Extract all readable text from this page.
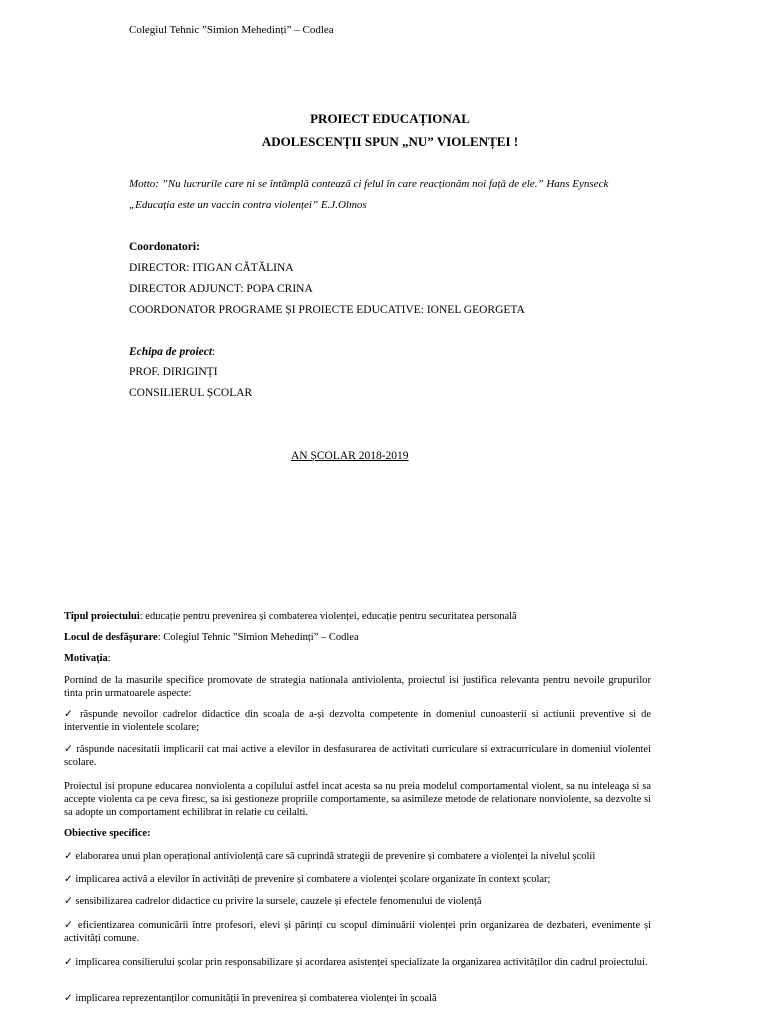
Colegiul Tehnic ”Simion Mehedinți” – Codlea
PROIECT EDUCAȚIONAL
ADOLESCENȚII SPUN „NU” VIOLENȚEI !
Motto: ”Nu lucrurile care ni se întâmplă contează ci felul în care reacționăm noi față de ele.” Hans Eynseck
„Educația este un vaccin contra violenței” E.J.Olmos
Coordonatori:
DIRECTOR: ITIGAN CĂTĂLINA
DIRECTOR ADJUNCT: POPA CRINA
COORDONATOR PROGRAME ȘI PROIECTE EDUCATIVE: IONEL GEORGETA
Echipa de proiect:
PROF. DIRIGINȚI
CONSILIERUL ȘCOLAR
AN ȘCOLAR 2018-2019
Tipul proiectului: educație pentru prevenirea și combaterea violenței, educație pentru securitatea personală
Locul de desfășurare: Colegiul Tehnic ”Simion Mehedinți” – Codlea
Motivația:
Pornind de la masurile specifice promovate de strategia nationala antiviolenta, proiectul isi justifica relevanta pentru nevoile grupurilor tinta prin urmatoarele aspecte:
✓ răspunde nevoilor cadrelor didactice din scoala de a-și dezvolta competente in domeniul cunoasterii si actiunii preventive si de interventie in violentele scolare;
✓ răspunde nacesitatii implicarii cat mai active a elevilor in desfasurarea de activitati curriculare si extracurriculare in domeniul violentei scolare.
Proiectul isi propune educarea nonviolenta a copilului astfel incat acesta sa nu preia modelul comportamental violent, sa nu inteleaga si sa accepte violenta ca pe ceva firesc, sa isi gestioneze propriile comportamente, sa asimileze metode de relationare nonviolente, sa dezvolte si sa adopte un comportament echilibrat in relatie cu ceilalti.
Obiective specifice:
✓ elaborarea unui plan operațional antiviolență care să cuprindă strategii de prevenire și combatere a violenței la nivelul școlii
✓ implicarea activă a elevilor în activități de prevenire și combatere a violenței școlare organizate în context școlar;
✓ sensibilizarea cadrelor didactice cu privire la sursele, cauzele și efectele fenomenului de violență
✓ eficientizarea comunicării între profesori, elevi și părinți cu scopul diminuării violenței prin organizarea de dezbateri, evenimente și activități comune.
✓ implicarea consilierului școlar prin responsabilizare și acordarea asistenței specializate la organizarea activităților din cadrul proiectului.
✓ implicarea reprezentanților comunității în prevenirea și combaterea violenței în școală
